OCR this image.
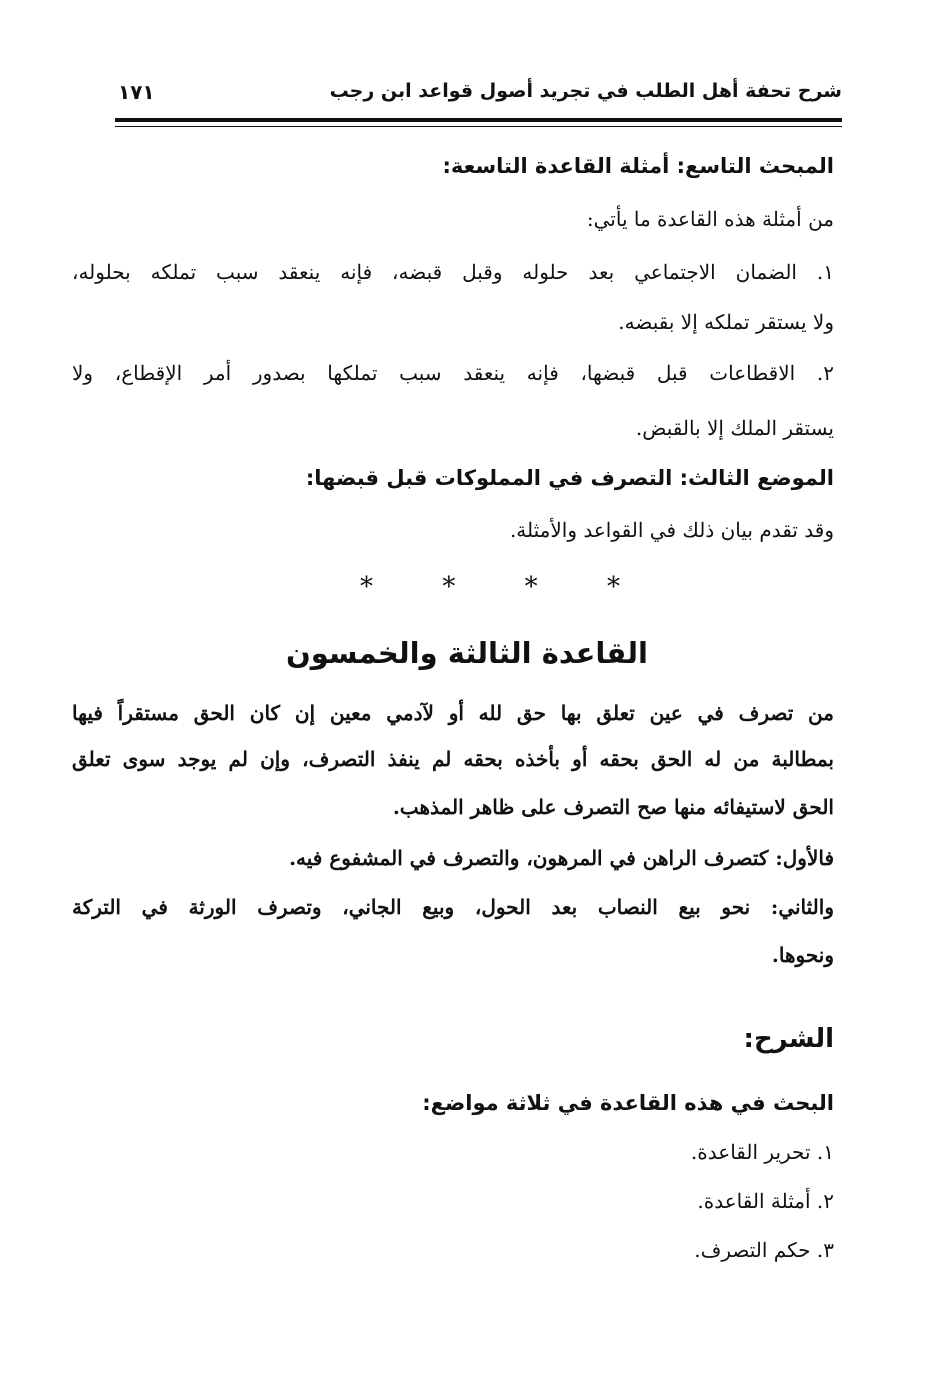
شرح تحفة أهل الطلب في تجريد أصول قواعد ابن رجب
١٧١
المبحث التاسع: أمثلة القاعدة التاسعة:
من أمثلة هذه القاعدة ما يأتي:
١. الضمان الاجتماعي بعد حلوله وقبل قبضه، فإنه ينعقد سبب تملكه بحلوله،
ولا يستقر تملكه إلا بقبضه.
٢. الاقطاعات قبل قبضها، فإنه ينعقد سبب تملكها بصدور أمر الإقطاع، ولا
يستقر الملك إلا بالقبض.
الموضع الثالث: التصرف في المملوكات قبل قبضها:
وقد تقدم بيان ذلك في القواعد والأمثلة.
*	*	*	*
القاعدة الثالثة والخمسون
من تصرف في عين تعلق بها حق لله أو لآدمي معين إن كان الحق مستقراً فيها
بمطالبة من له الحق بحقه أو بأخذه بحقه لم ينفذ التصرف، وإن لم يوجد سوى تعلق
الحق لاستيفائه منها صح التصرف على ظاهر المذهب.
فالأول: كتصرف الراهن في المرهون، والتصرف في المشفوع فيه.
والثاني: نحو بيع النصاب بعد الحول، وبيع الجاني، وتصرف الورثة في التركة
ونحوها.
الشرح:
البحث في هذه القاعدة في ثلاثة مواضع:
١. تحرير القاعدة.
٢. أمثلة القاعدة.
٣. حكم التصرف.
